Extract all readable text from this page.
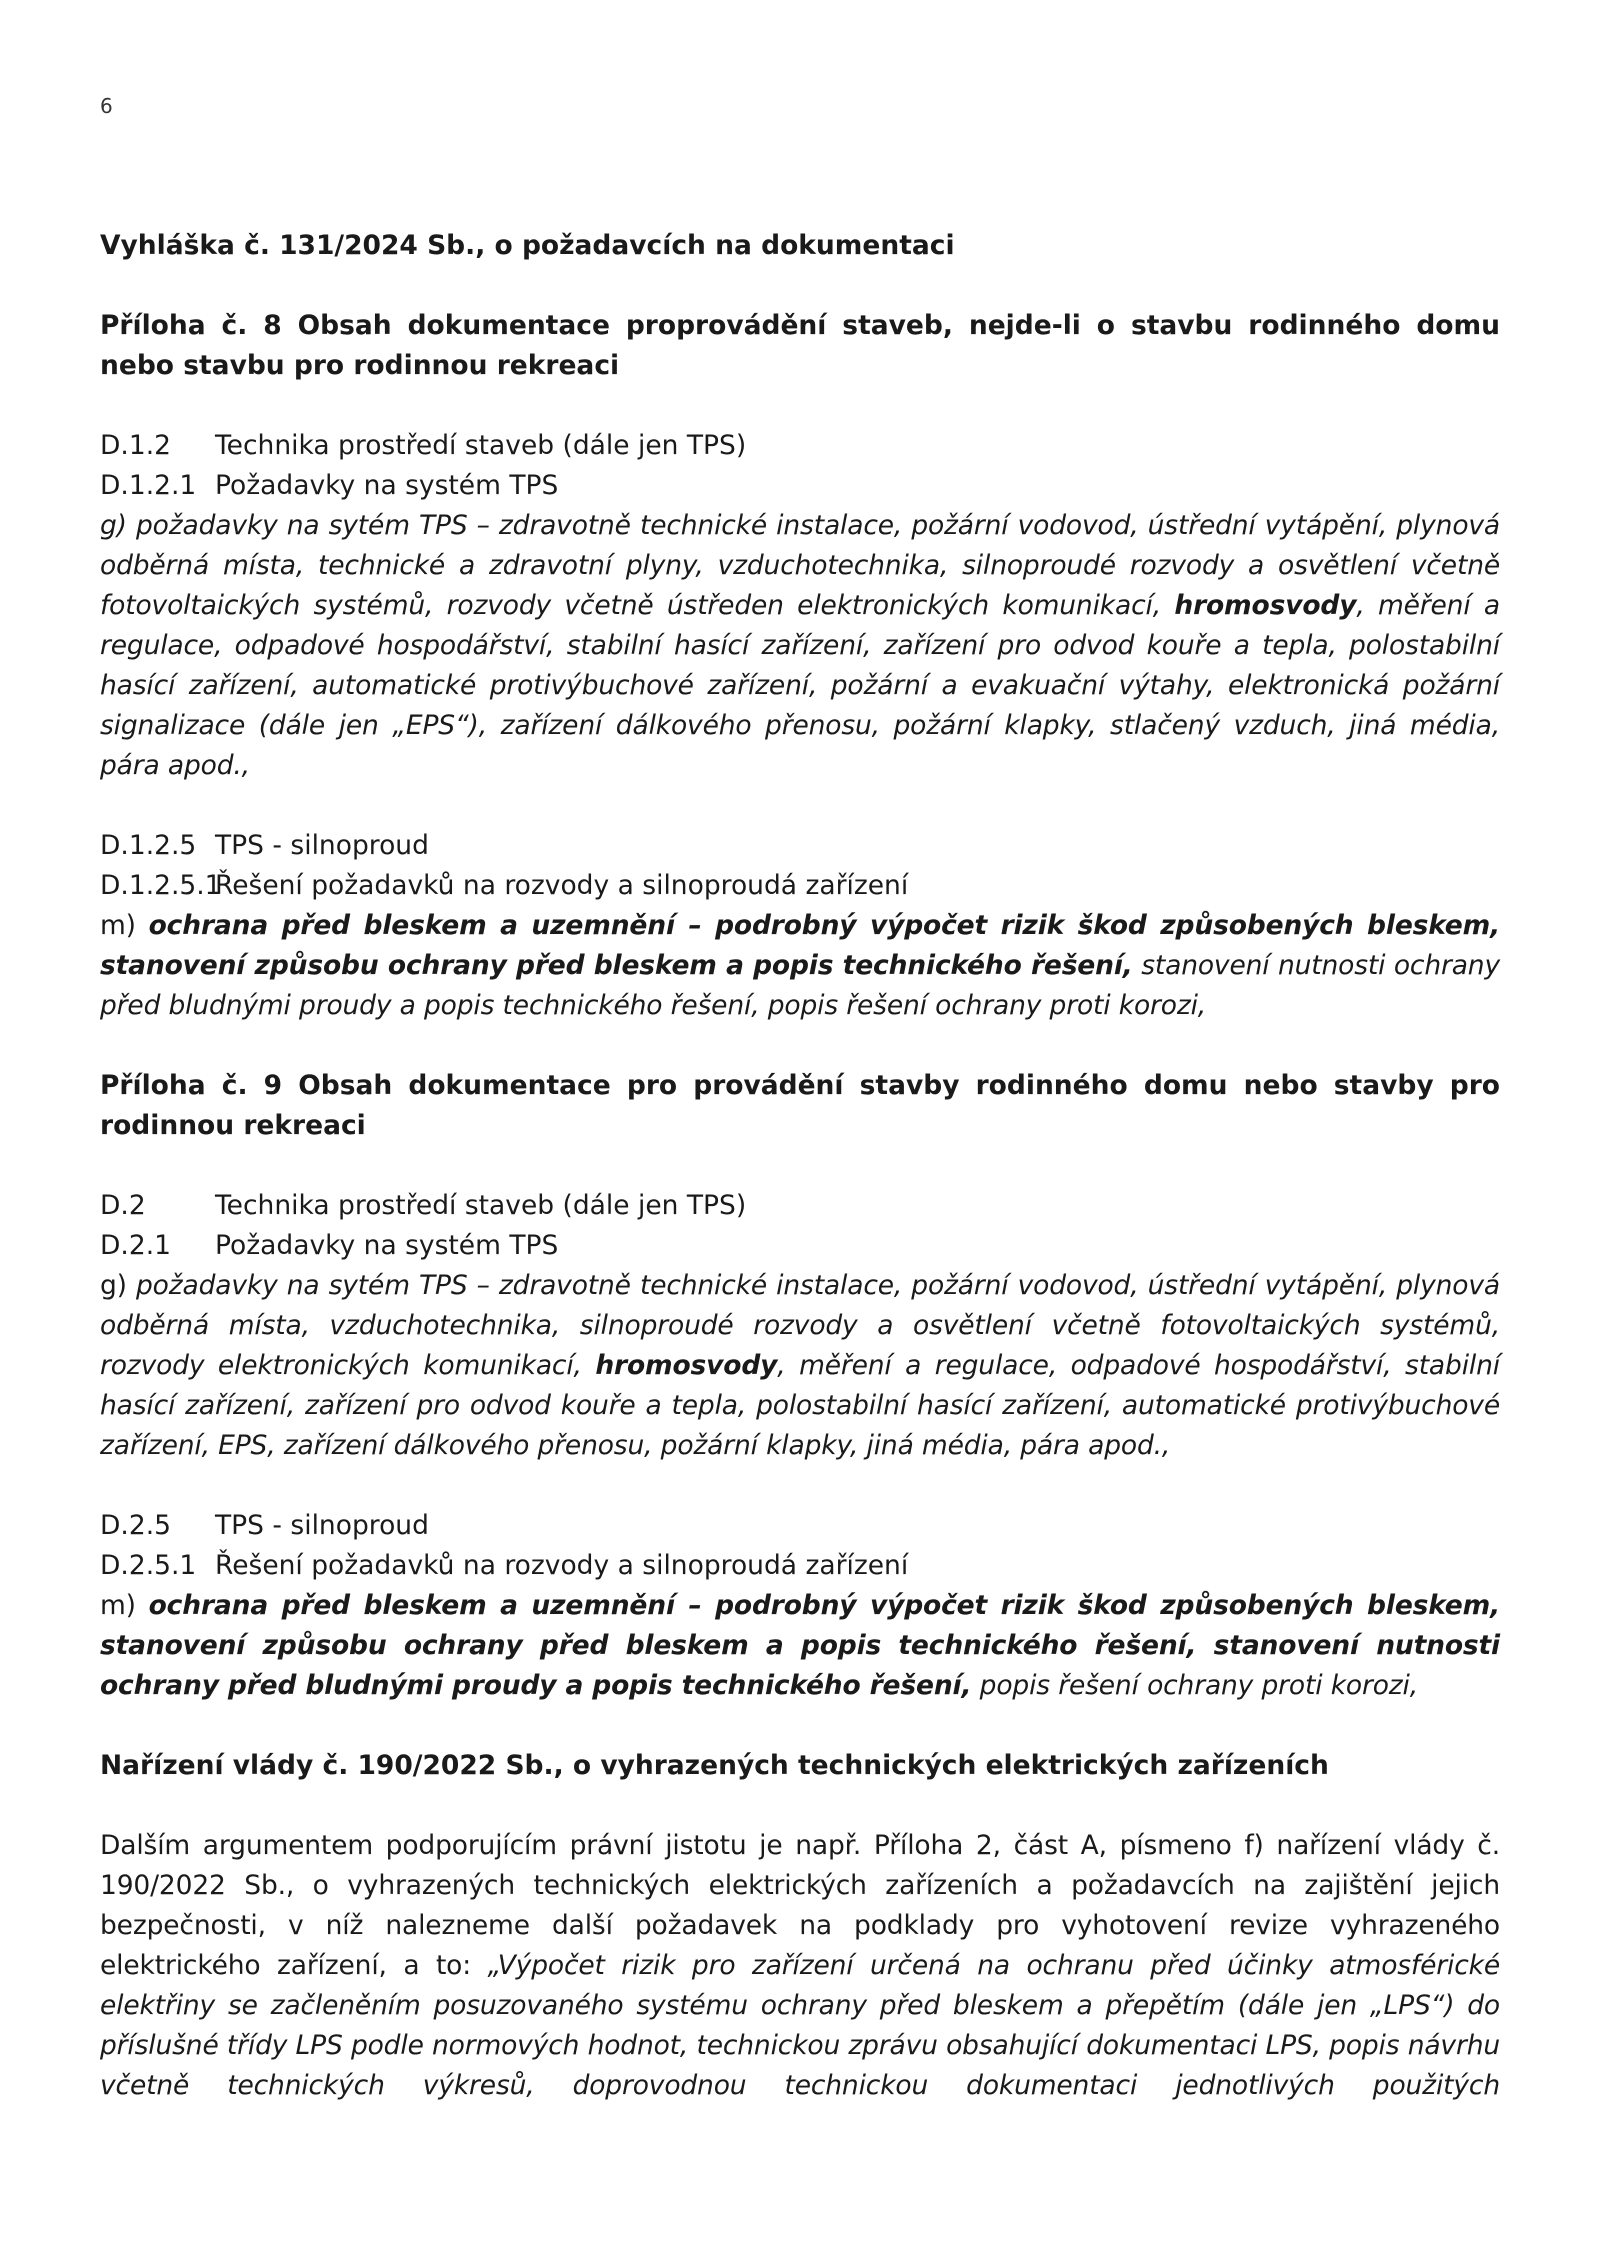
6

Vyhláška č. 131/2024 Sb., o požadavcích na dokumentaci

Příloha č. 8 Obsah dokumentace proprovádění staveb, nejde-li o stavbu rodinného domu nebo stavbu pro rodinnou rekreaci

D.1.2 Technika prostředí staveb (dále jen TPS)

D.1.2.1 Požadavky na systém TPS

g) požadavky na sytém TPS – zdravotně technické instalace, požární vodovod, ústřední vytápění, plynová odběrná místa, technické a zdravotní plyny, vzduchotechnika, silnoproudé rozvody a osvětlení včetně fotovoltaických systémů, rozvody včetně ústředen elektronických komunikací, hromosvody, měření a regulace, odpadové hospodářství, stabilní hasící zařízení, zařízení pro odvod kouře a tepla, polostabilní hasící zařízení, automatické protivýbuchové zařízení, požární a evakuační výtahy, elektronická požární signalizace (dále jen „EPS“), zařízení dálkového přenosu, požární klapky, stlačený vzduch, jiná média, pára apod.,

D.1.2.5 TPS - silnoproud

D.1.2.5.1Řešení požadavků na rozvody a silnoproudá zařízení

m) ochrana před bleskem a uzemnění – podrobný výpočet rizik škod způsobených bleskem, stanovení způsobu ochrany před bleskem a popis technického řešení, stanovení nutnosti ochrany před bludnými proudy a popis technického řešení, popis řešení ochrany proti korozi,

Příloha č. 9 Obsah dokumentace pro provádění stavby rodinného domu nebo stavby pro rodinnou rekreaci

D.2	Technika prostředí staveb (dále jen TPS)

D.2.1 Požadavky na systém TPS

g) požadavky na sytém TPS – zdravotně technické instalace, požární vodovod, ústřední vytápění, plynová odběrná místa, vzduchotechnika, silnoproudé rozvody a osvětlení včetně fotovoltaických systémů, rozvody elektronických komunikací, hromosvody, měření a regulace, odpadové hospodářství, stabilní hasící zařízení, zařízení pro odvod kouře a tepla, polostabilní hasící zařízení, automatické protivýbuchové zařízení, EPS, zařízení dálkového přenosu, požární klapky, jiná média, pára apod.,

D.2.5 TPS - silnoproud

D.2.5.1 Řešení požadavků na rozvody a silnoproudá zařízení

m) ochrana před bleskem a uzemnění – podrobný výpočet rizik škod způsobených bleskem, stanovení způsobu ochrany před bleskem a popis technického řešení, stanovení nutnosti ochrany před bludnými proudy a popis technického řešení, popis řešení ochrany proti korozi,

Nařízení vlády č. 190/2022 Sb., o vyhrazených technických elektrických zařízeních

Dalším argumentem podporujícím právní jistotu je např. Příloha 2, část A, písmeno f) nařízení vlády č. 190/2022 Sb., o vyhrazených technických elektrických zařízeních a požadavcích na zajištění jejich bezpečnosti, v níž nalezneme další požadavek na podklady pro vyhotovení revize vyhrazeného elektrického zařízení, a to: „Výpočet rizik pro zařízení určená na ochranu před účinky atmosférické elektřiny se začleněním posuzovaného systému ochrany před bleskem a přepětím (dále jen „LPS“) do příslušné třídy LPS podle normových hodnot, technickou zprávu obsahující dokumentaci LPS, popis návrhu včetně technických výkresů, doprovodnou technickou dokumentaci jednotlivých použitých
